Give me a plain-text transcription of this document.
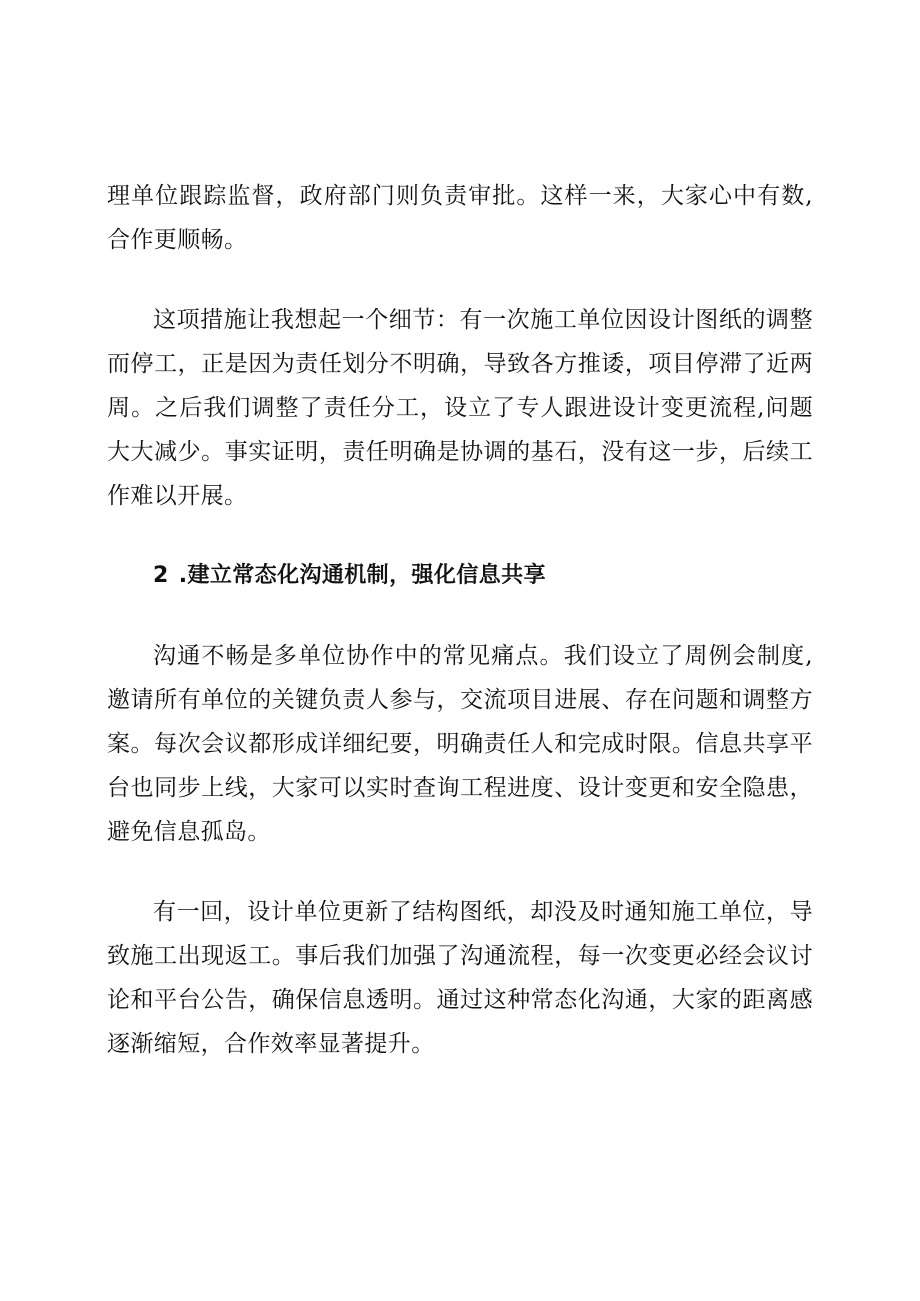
理单位跟踪监督，政府部门则负责审批。这样一来，大家心中有数,合作更顺畅。

这项措施让我想起一个细节：有一次施工单位因设计图纸的调整而停工，正是因为责任划分不明确，导致各方推诿，项目停滞了近两周。之后我们调整了责任分工，设立了专人跟进设计变更流程,问题大大减少。事实证明，责任明确是协调的基石，没有这一步，后续工作难以开展。

2 .建立常态化沟通机制，强化信息共享

沟通不畅是多单位协作中的常见痛点。我们设立了周例会制度,邀请所有单位的关键负责人参与，交流项目进展、存在问题和调整方案。每次会议都形成详细纪要，明确责任人和完成时限。信息共享平台也同步上线，大家可以实时查询工程进度、设计变更和安全隐患，避免信息孤岛。

有一回，设计单位更新了结构图纸，却没及时通知施工单位，导致施工出现返工。事后我们加强了沟通流程，每一次变更必经会议讨论和平台公告，确保信息透明。通过这种常态化沟通，大家的距离感逐渐缩短，合作效率显著提升。
